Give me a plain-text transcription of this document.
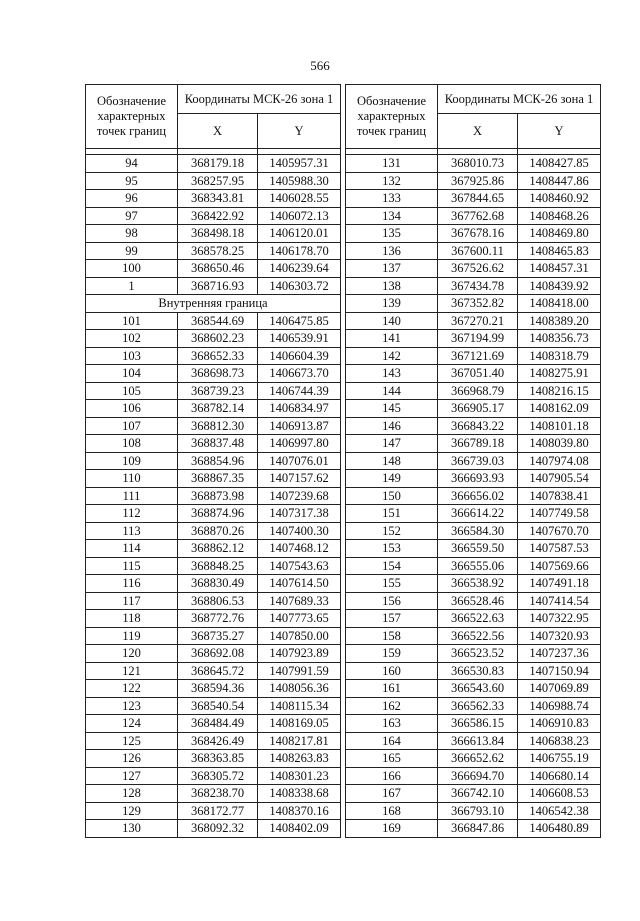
566
Обозначение характерных точек границ	Координаты МСК-26 зона 1	
	X	Y

94	368179.18	1405957.31
95	368257.95	1405988.30
96	368343.81	1406028.55
97	368422.92	1406072.13
98	368498.18	1406120.01
99	368578.25	1406178.70
100	368650.46	1406239.64
1	368716.93	1406303.72
Внутренняя граница		
101	368544.69	1406475.85
102	368602.23	1406539.91
103	368652.33	1406604.39
104	368698.73	1406673.70
105	368739.23	1406744.39
106	368782.14	1406834.97
107	368812.30	1406913.87
108	368837.48	1406997.80
109	368854.96	1407076.01
110	368867.35	1407157.62
111	368873.98	1407239.68
112	368874.96	1407317.38
113	368870.26	1407400.30
114	368862.12	1407468.12
115	368848.25	1407543.63
116	368830.49	1407614.50
117	368806.53	1407689.33
118	368772.76	1407773.65
119	368735.27	1407850.00
120	368692.08	1407923.89
121	368645.72	1407991.59
122	368594.36	1408056.36
123	368540.54	1408115.34
124	368484.49	1408169.05
125	368426.49	1408217.81
126	368363.85	1408263.83
127	368305.72	1408301.23
128	368238.70	1408338.68
129	368172.77	1408370.16
130	368092.32	1408402.09
Обозначение характерных точек границ	Координаты МСК-26 зона 1	
	X	Y

131	368010.73	1408427.85
132	367925.86	1408447.86
133	367844.65	1408460.92
134	367762.68	1408468.26
135	367678.16	1408469.80
136	367600.11	1408465.83
137	367526.62	1408457.31
138	367434.78	1408439.92
139	367352.82	1408418.00
140	367270.21	1408389.20
141	367194.99	1408356.73
142	367121.69	1408318.79
143	367051.40	1408275.91
144	366968.79	1408216.15
145	366905.17	1408162.09
146	366843.22	1408101.18
147	366789.18	1408039.80
148	366739.03	1407974.08
149	366693.93	1407905.54
150	366656.02	1407838.41
151	366614.22	1407749.58
152	366584.30	1407670.70
153	366559.50	1407587.53
154	366555.06	1407569.66
155	366538.92	1407491.18
156	366528.46	1407414.54
157	366522.63	1407322.95
158	366522.56	1407320.93
159	366523.52	1407237.36
160	366530.83	1407150.94
161	366543.60	1407069.89
162	366562.33	1406988.74
163	366586.15	1406910.83
164	366613.84	1406838.23
165	366652.62	1406755.19
166	366694.70	1406680.14
167	366742.10	1406608.53
168	366793.10	1406542.38
169	366847.86	1406480.89
